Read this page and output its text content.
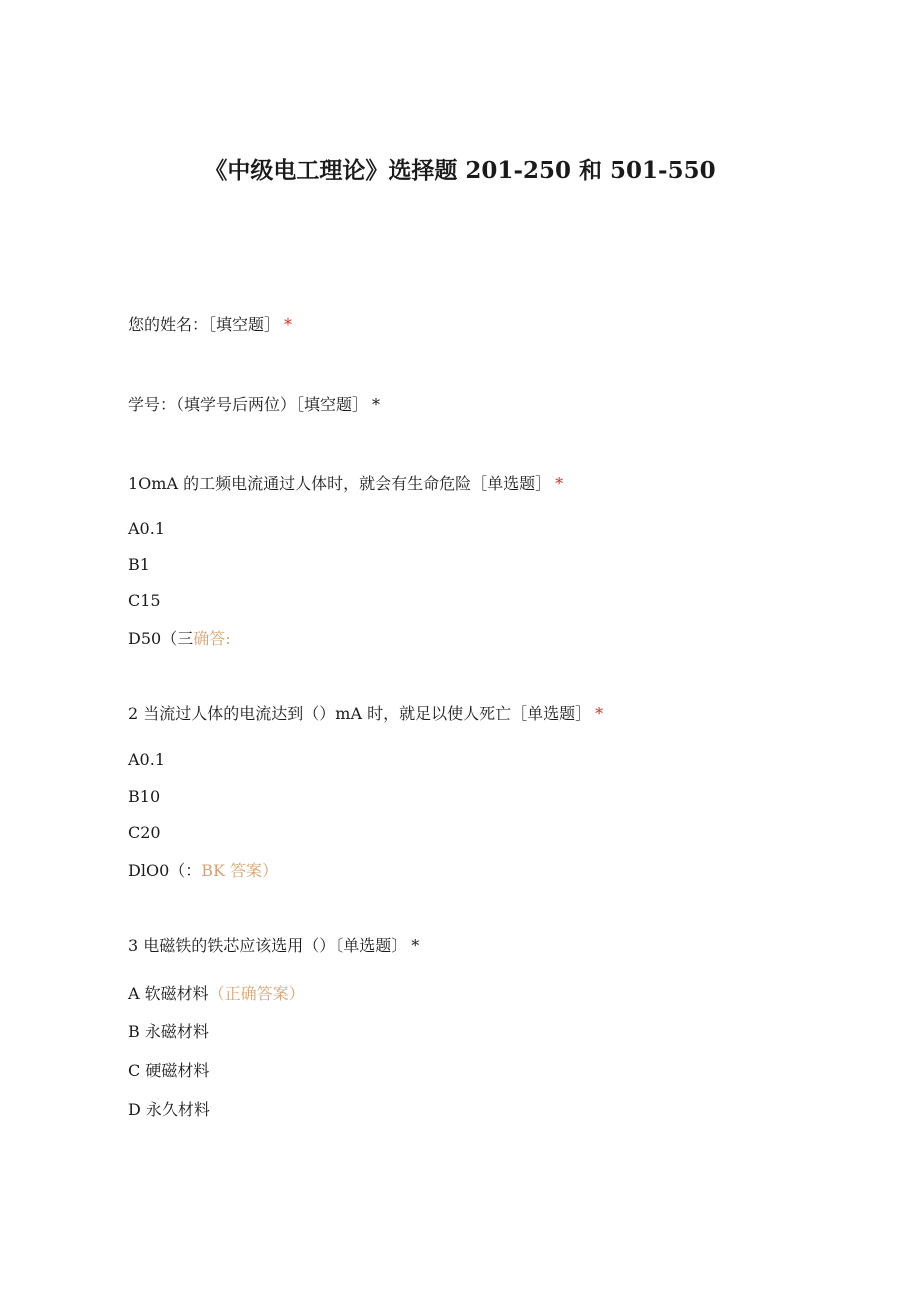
《中级电工理论》选择题 201-250 和 501-550
您的姓名：［填空题］ *
学号：（填学号后两位）［填空题］ *
1OmA 的工频电流通过人体时，就会有生命危险［单选题］ *
A0.1
B1
C15
D50（三确答:
2 当流过人体的电流达到（）mA 时，就足以使人死亡［单选题］ *
A0.1
B10
C20
DlO0（：BK 答案）
3 电磁铁的铁芯应该选用（）〔单选题〕 *
A 软磁材料（正确答案）
B 永磁材料
C 硬磁材料
D 永久材料
